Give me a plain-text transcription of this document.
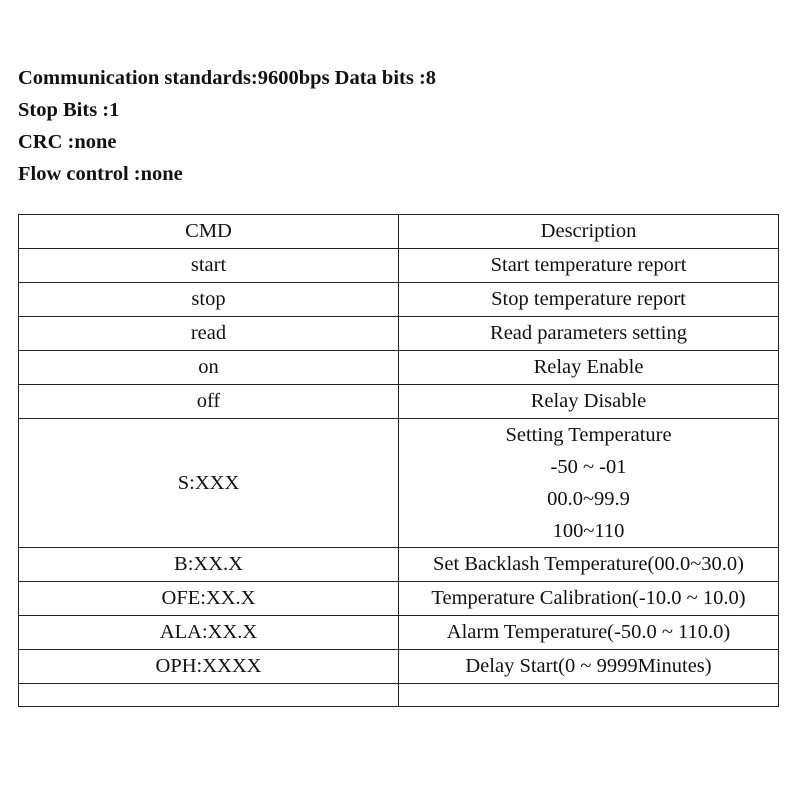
Communication standards:9600bps Data bits :8
Stop Bits :1
CRC :none
Flow control :none
CMD	Description
start	Start temperature report
stop	Stop temperature report
read	Read parameters setting
on	Relay Enable
off	Relay Disable
S:XXX	Setting Temperature
-50 ~ -01
00.0~99.9
100~110

B:XX.X	Set Backlash Temperature(00.0~30.0)
OFE:XX.X	Temperature Calibration(-10.0 ~ 10.0)
ALA:XX.X	Alarm Temperature(-50.0 ~ 110.0)
OPH:XXXX	Delay Start(0 ~ 9999Minutes)
